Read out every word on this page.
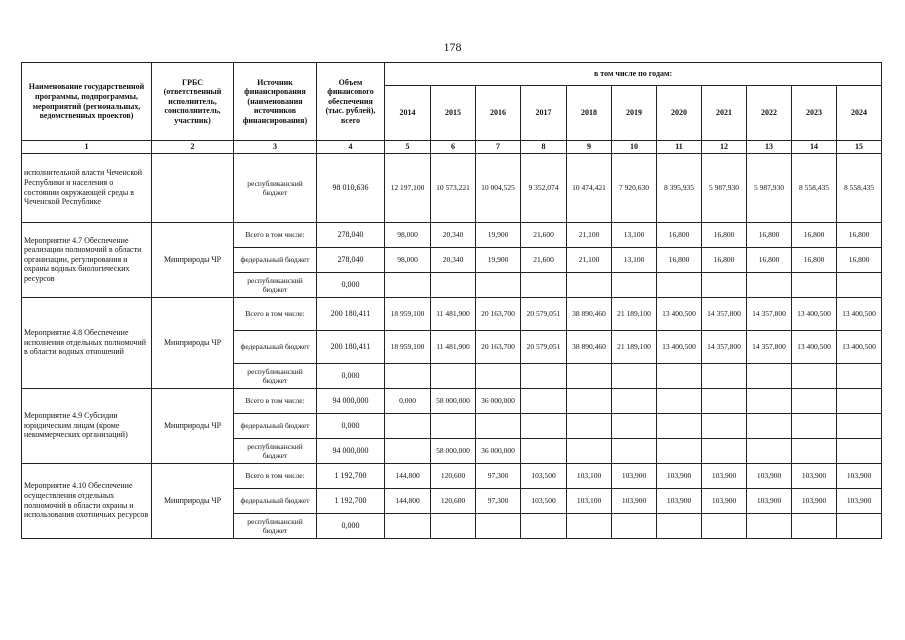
178
Наименование государственной программы, подпрограммы, мероприятий (региональных, ведомственных проектов)	ГРБС (ответственный исполнитель, соисполнитель, участник)	Источник финансирования (наименования источников финансирования)	Объем финансового обеспечения (тыс. рублей), всего	в том числе по годам:										
				2014	2015	2016	2017	2018	2019	2020	2021	2022	2023	2024
1	2	3	4	5	6	7	8	9	10	11	12	13	14	15
исполнительной власти Чеченской Республики и населения о состоянии окружающей среды в Чеченской Республике		республиканский бюджет	98 010,636	12 197,100	10 573,221	10 004,525	9 352,074	10 474,421	7 920,630	8 395,935	5 987,930	5 987,930	8 558,435	8 558,435
Мероприятие 4.7 Обеспечение реализации полномочий в области организации, регулирования и охраны водных биологических ресурсов	Минприроды ЧР	Всего в том числе:	278,040	98,000	20,340	19,900	21,600	21,100	13,100	16,800	16,800	16,800	16,800	16,800
		федеральный бюджет	278,040	98,000	20,340	19,900	21,600	21,100	13,100	16,800	16,800	16,800	16,800	16,800
		республиканский бюджет	0,000											
Мероприятие 4.8 Обеспечение исполнения отдельных полномочий в области водных отношений	Минприроды ЧР	Всего в том числе:	200 180,411	18 959,100	11 481,900	20 163,700	20 579,051	38 890,460	21 189,100	13 400,500	14 357,800	14 357,800	13 400,500	13 400,500
		федеральный бюджет	200 180,411	18 959,100	11 481,900	20 163,700	20 579,051	38 890,460	21 189,100	13 400,500	14 357,800	14 357,800	13 400,500	13 400,500
		республиканский бюджет	0,000											
Мероприятие 4.9 Субсидии юридическим лицам (кроме некоммерческих организаций)	Минприроды ЧР	Всего в том числе:	94 000,000	0,000	58 000,000	36 000,000								
		федеральный бюджет	0,000											
		республиканский бюджет	94 000,000		58 000,000	36 000,000								
Мероприятие 4.10 Обеспечение осуществления отдельных полномочий в области охраны и использования охотничьих ресурсов	Минприроды ЧР	Всего в том числе:	1 192,700	144,800	120,600	97,300	103,500	103,100	103,900	103,900	103,900	103,900	103,900	103,900
		федеральный бюджет	1 192,700	144,800	120,600	97,300	103,500	103,100	103,900	103,900	103,900	103,900	103,900	103,900
		республиканский бюджет	0,000											
